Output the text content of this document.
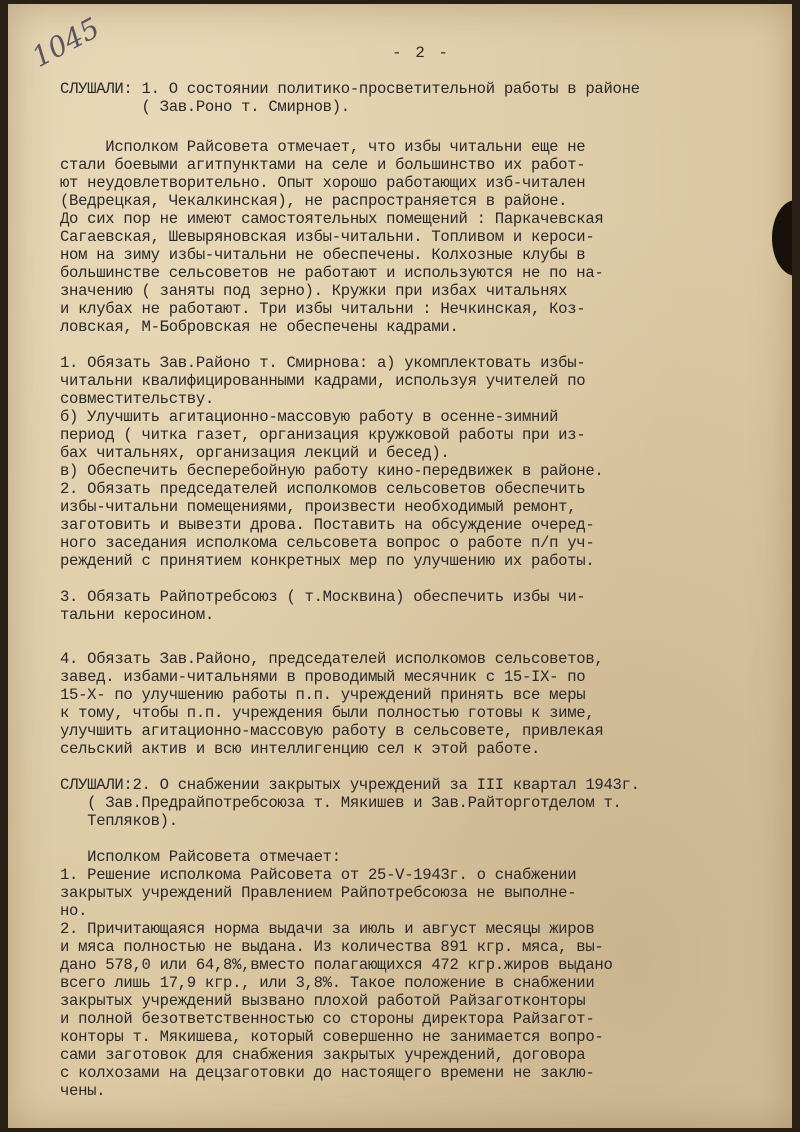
1045	- 2 -
СЛУШАЛИ: 1. О состоянии политико-просветительной работы в районе
( Зав.Роно т. Смирнов).
Исполком Райсовета отмечает, что избы читальни еще не
стали боевыми агитпунктами на селе и большинство их работ-
ют неудовлетворительно. Опыт хорошо работающих изб-читален
(Ведрецкая, Чекалкинская), не распространяется в районе.
До сих пор не имеют самостоятельных помещений : Паркачевская
Сагаевская, Шевыряновская избы-читальни. Топливом и кероси-
ном на зиму избы-читальни не обеспечены. Колхозные клубы в
большинстве сельсоветов не работают и используются не по на-
значению ( заняты под зерно). Кружки при избах читальнях
и клубах не работают. Три избы читальни : Нечкинская, Коз-
ловская, М-Бобровская не обеспечены кадрами.
1. Обязать Зав.Районо т. Смирнова: а) укомплектовать избы-
читальни квалифицированными кадрами, используя учителей по
совместительству.
б) Улучшить агитационно-массовую работу в осенне-зимний
период ( читка газет, организация кружковой работы при из-
бах читальнях, организация лекций и бесед).
в) Обеспечить бесперебойную работу кино-передвижек в районе.
2. Обязать председателей исполкомов сельсоветов обеспечить
избы-читальни помещениями, произвести необходимый ремонт,
заготовить и вывезти дрова. Поставить на обсуждение очеред-
ного заседания исполкома сельсовета вопрос о работе п/п уч-
реждений с принятием конкретных мер по улучшению их работы.
3. Обязать Райпотребсоюз ( т.Москвина) обеспечить избы чи-
тальни керосином.
4. Обязать Зав.Районо, председателей исполкомов сельсоветов,
завед. избами-читальнями в проводимый месячник с 15-IX- по
15-X- по улучшению работы п.п. учреждений принять все меры
к тому, чтобы п.п. учреждения были полностью готовы к зиме,
улучшить агитационно-массовую работу в сельсовете, привлекая
сельский актив и всю интеллигенцию сел к этой работе.
СЛУШАЛИ:2. О снабжении закрытых учреждений за III квартал 1943г.
( Зав.Предрайпотребсоюза т. Мякишев и Зав.Райторготделом т.
Тепляков).
Исполком Райсовета отмечает:
1. Решение исполкома Райсовета от 25-V-1943г. о снабжении
закрытых учреждений Правлением Райпотребсоюза не выполне-
но.
2. Причитающаяся норма выдачи за июль и август месяцы жиров
и мяса полностью не выдана. Из количества 891 кгр. мяса, вы-
дано 578,0 или 64,8%,вместо полагающихся 472 кгр.жиров выдано
всего лишь 17,9 кгр., или 3,8%. Такое положение в снабжении
закрытых учреждений вызвано плохой работой Райзаготконторы
и полной безответственностью со стороны директора Райзагот-
конторы т. Мякишева, который совершенно не занимается вопро-
сами заготовок для снабжения закрытых учреждений, договора
с колхозами на децзаготовки до настоящего времени не заклю-
чены.
